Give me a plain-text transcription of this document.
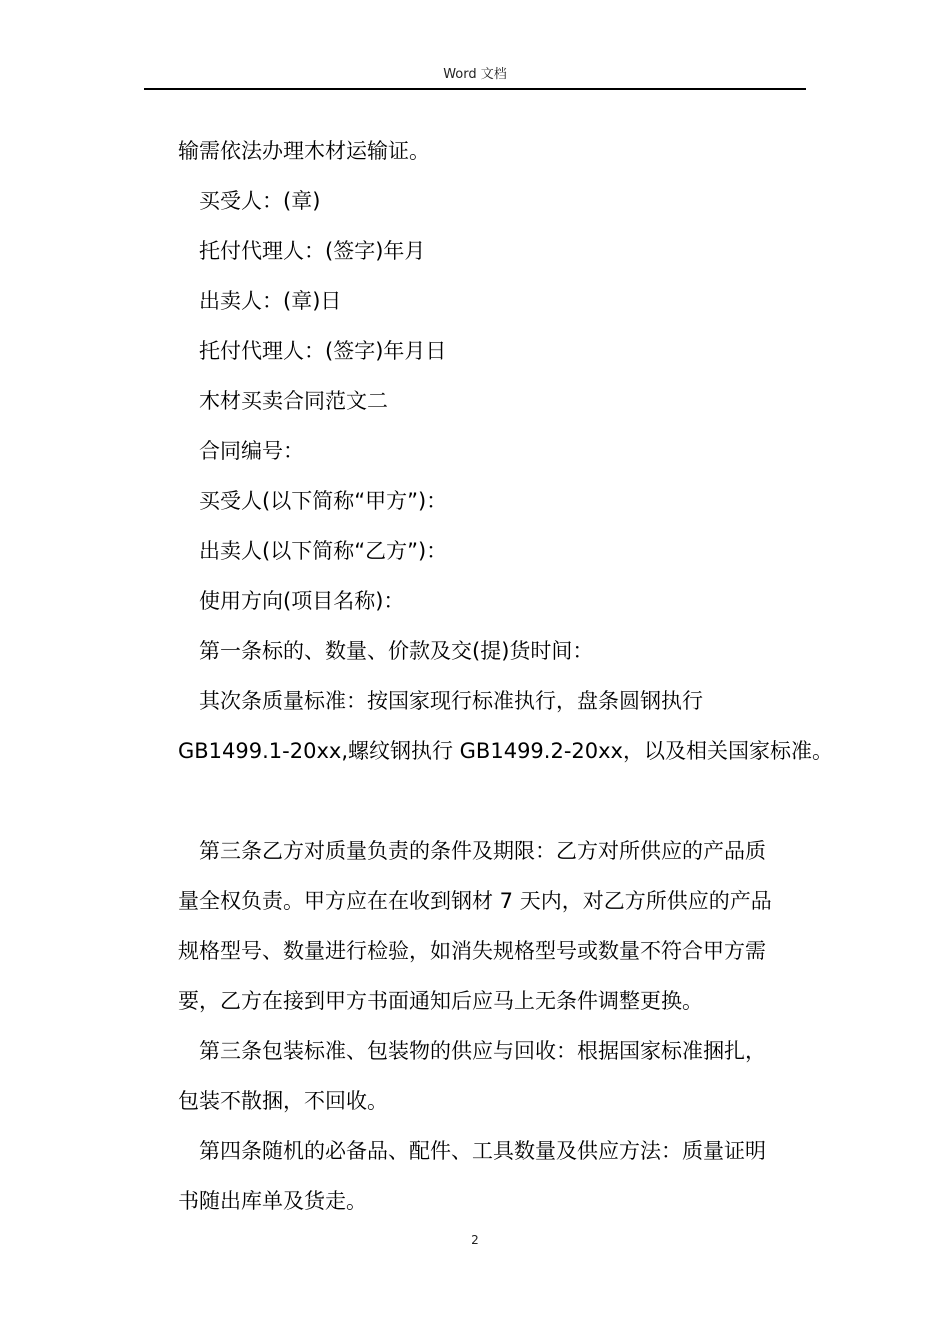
Word 文档

输需依法办理木材运输证。

买受人：(章)

托付代理人：(签字)年月

出卖人：(章)日

托付代理人：(签字)年月日

木材买卖合同范文二

合同编号：

买受人(以下简称“甲方”)：

出卖人(以下简称“乙方”)：

使用方向(项目名称)：

第一条标的、数量、价款及交(提)货时间：

其次条质量标准：按国家现行标准执行，盘条圆钢执行

GB1499.1-20xx,螺纹钢执行 GB1499.2-20xx，以及相关国家标准。

第三条乙方对质量负责的条件及期限：乙方对所供应的产品质

量全权负责。甲方应在在收到钢材 7 天内，对乙方所供应的产品

规格型号、数量进行检验，如消失规格型号或数量不符合甲方需

要，乙方在接到甲方书面通知后应马上无条件调整更换。

第三条包装标准、包装物的供应与回收：根据国家标准捆扎，

包装不散捆，不回收。

第四条随机的必备品、配件、工具数量及供应方法：质量证明

书随出库单及货走。

2
